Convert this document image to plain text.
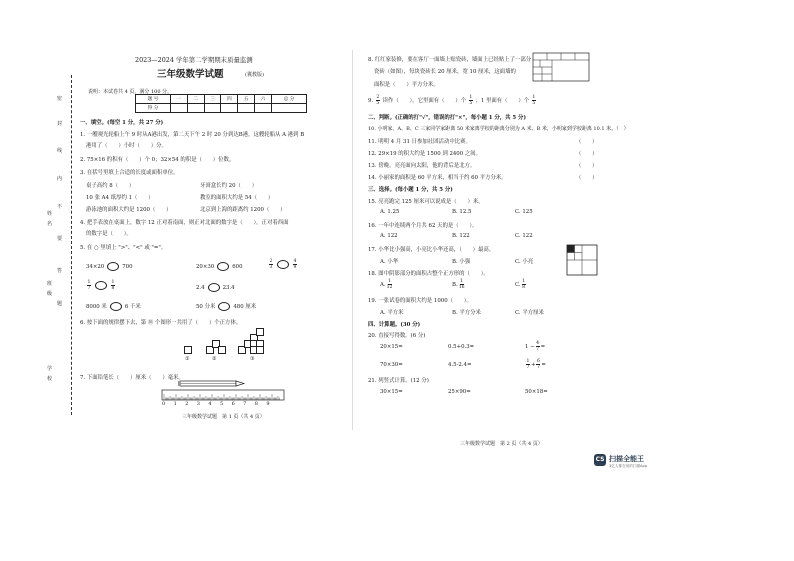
密
封
线
内
不
要
答
题
姓
名
班
级
学
校
2023—2024 学年第二学期期末质量监测
三年级数学试题	(冀教版)
说明：本试卷共 4 页，满分 100 分。
题 号	一	二	三	四	五	六	总 分
得 分							
一、填空。(每空 1 分，共 27 分)
1. 一艘观光轮船上午 9 时从A港出发，第二天下午 2 时 20 分到达B港，这艘轮船从 A 港到 B
港用了（　　）小时（　　）分。
2. 75×16 的积有（　　）个 0；32×54 的积是（　　）位数。
3. 在括号里填上合适的长度或面积单位。
桌子高约 8（　　）	牙膏盒长约 20（　　）
10 张 A4 纸厚约 1（　　）	教室的面积大约是 54（　　）
游泳池的面积大约是 1200（　　）	北京到上海的距离约 1200（　　）
4. 把手表放在桌面上，数字 12 正对着南面，则正对北面的数字是（　　），正对着西面
的数字是（　　）。
5. 在 ○ 里填上 ">"、"<" 或 "="。
34×20	700	20×30	600	$\frac{2}{3}$	$\frac{4}{9}$
$\frac{1}{7}$	$\frac{1}{8}$	2.4	23.4
8000 米	6 千米	50 分米	480 厘米
6. 按下面的规律摆下去，第 ⑩ 个图形一共用了（　　）个正方体。
①	②	③
7. 下面铅笔长（　　）厘米（　　）毫米。
0 1 2 3 4 5 6 7 8 9
三年级数学试题　第 1 页（共 4 页）
8. 红红家装修，要在客厅一面墙上贴瓷砖，墙面上已经贴上了一部分
瓷砖（如图），每块瓷砖长 20 厘米，宽 10 厘米，这面墙的
面积是（　　）平方分米。
9. $\frac{2}{5}$ 读作（　　），它里面有（　　）个 $\frac{1}{5}$ ；1 里面有（　　）个 $\frac{1}{5}$
二、判断。(正确的打"√"，错误的打"×"，每小题 1 分，共 5 分)
10. 小明家、A、B、C 三家同学家距离 50 米家离学校的距离分别为 A 米、B 米，小明家到学校距离 10.1 米。（　）
11. 明明 4 月 31 日参加社团活动中比赛。	（　　）
12. 29×19 的积大约是 1500 到 2400 之间。	（　　）
13. 傍晚，亮亮面向太阳，他的背后是北方。	（　　）
14. 小丽家的面积是 60 平方米，相当于约 60 平方分米。	（　　）
三、选择。(每小题 1 分，共 5 分)
15. 亮亮跑完 125 厘米可以说成是（　　）米。
A. 1.25	B. 12.5	C. 125
16. 一年中连续两个月共 62 天的是（　　）。
A. 122	B. 122	C. 122
17. 小华比小强高，小亮比小华还高，（　　）最高。
A. 小华	B. 小强	C. 小亮
18. 图中阴影部分的面积占整个正方形的（　　）。
A. $\frac{1}{12}$	B. $\frac{1}{16}$	C. $\frac{1}{8}$
19. 一张试卷的面积大约是 1000（　　）。
A. 平方米	B. 平方分米	C. 平方厘米
四、计算题。(30 分)
20. 直接写得数。(6 分)
20×15=	0.5+0.3=	$1 - \frac{4}{7}$ =
70×30=	4.5-2.4=	$\frac{1}{7} + \frac{6}{7}$ =
21. 列竖式计算。(12 分)
30×15=	25×90=	50×18=
三年级数学试题　第 2 页（共 4 页）
CS 扫描全能王
3亿人都在用的扫描App
